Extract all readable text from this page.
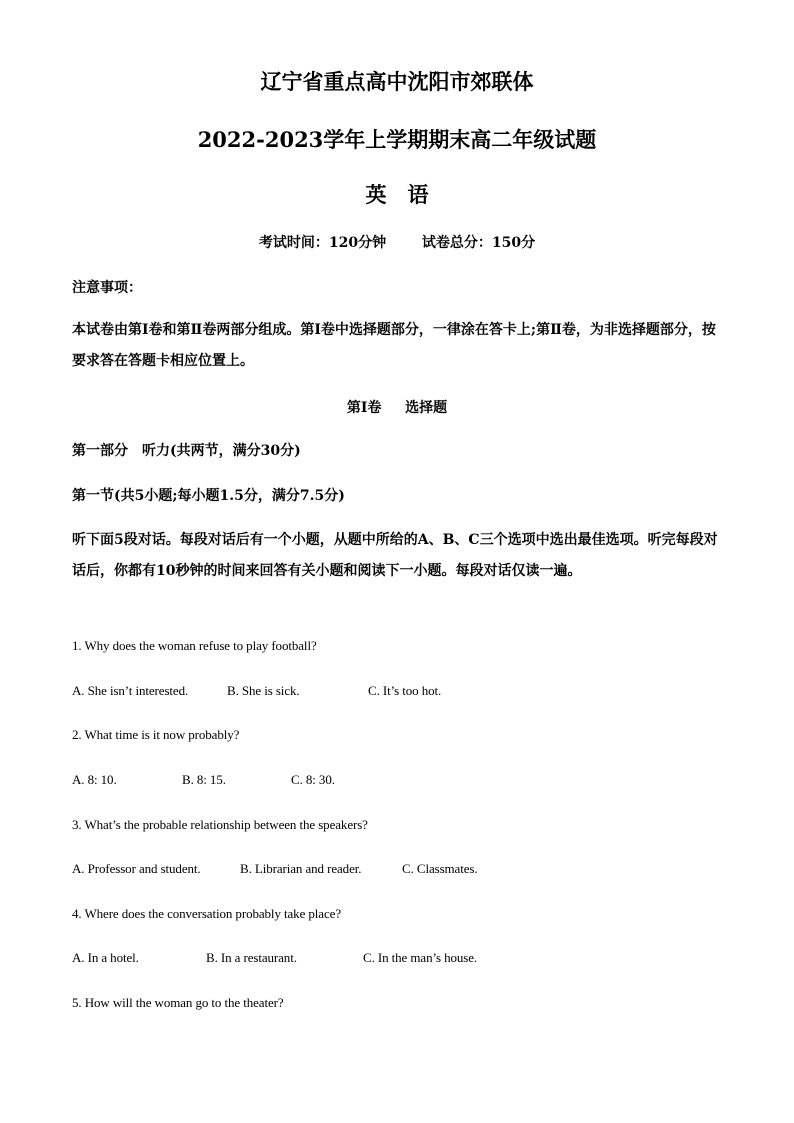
辽宁省重点高中沈阳市郊联体
2022-2023学年上学期期末高二年级试题
英　语
考试时间：120分钟	试卷总分：150分
注意事项：
本试卷由第Ⅰ卷和第Ⅱ卷两部分组成。第Ⅰ卷中选择题部分，一律涂在答卡上;第Ⅱ卷，为非选择题部分，按要求答在答题卡相应位置上。
第Ⅰ卷 选择题
第一部分　听力(共两节，满分30分)
第一节(共5小题;每小题1.5分，满分7.5分)
听下面5段对话。每段对话后有一个小题，从题中所给的A、B、C三个选项中选出最佳选项。听完每段对话后，你都有10秒钟的时间来回答有关小题和阅读下一小题。每段对话仅读一遍。
1. Why does the woman refuse to play football?
A. She isn’t interested.	B. She is sick.	C. It’s too hot.
2. What time is it now probably?
A. 8: 10.	B. 8: 15.	C. 8: 30.
3. What’s the probable relationship between the speakers?
A. Professor and student.	B. Librarian and reader.	C. Classmates.
4. Where does the conversation probably take place?
A. In a hotel.	B. In a restaurant.	C. In the man’s house.
5. How will the woman go to the theater?
